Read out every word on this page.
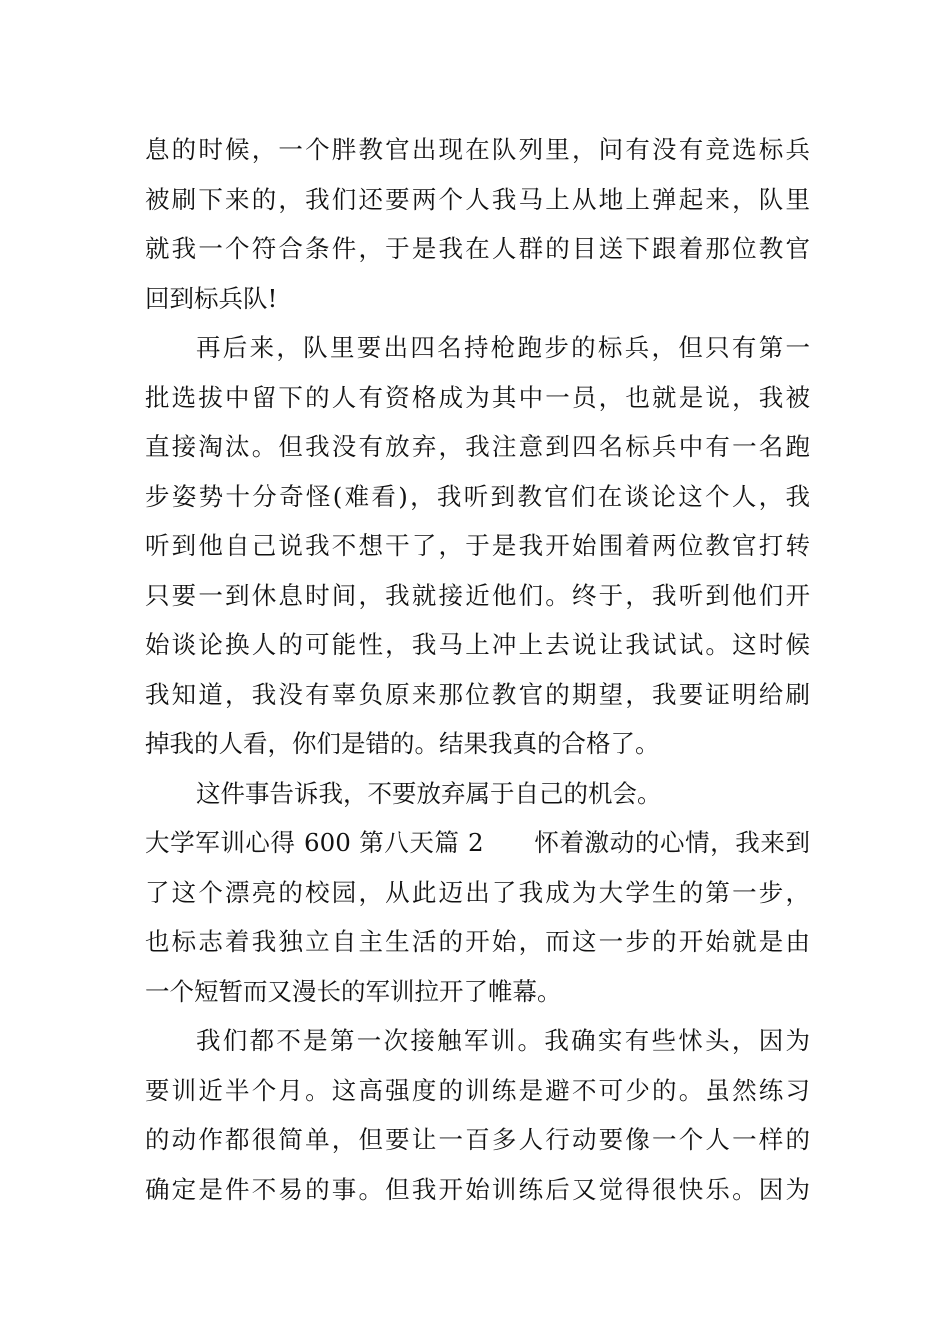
息的时候，一个胖教官出现在队列里，问有没有竞选标兵

被刷下来的，我们还要两个人我马上从地上弹起来，队里

就我一个符合条件，于是我在人群的目送下跟着那位教官

回到标兵队!

再后来，队里要出四名持枪跑步的标兵，但只有第一

批选拔中留下的人有资格成为其中一员，也就是说，我被

直接淘汰。但我没有放弃，我注意到四名标兵中有一名跑

步姿势十分奇怪(难看)，我听到教官们在谈论这个人，我

听到他自己说我不想干了，于是我开始围着两位教官打转

只要一到休息时间，我就接近他们。终于，我听到他们开

始谈论换人的可能性，我马上冲上去说让我试试。这时候

我知道，我没有辜负原来那位教官的期望，我要证明给刷

掉我的人看，你们是错的。结果我真的合格了。

这件事告诉我，不要放弃属于自己的机会。

大学军训心得 600 第八天篇 2　　怀着激动的心情，我来到

了这个漂亮的校园，从此迈出了我成为大学生的第一步，

也标志着我独立自主生活的开始，而这一步的开始就是由

一个短暂而又漫长的军训拉开了帷幕。

我们都不是第一次接触军训。我确实有些怵头，因为

要训近半个月。这高强度的训练是避不可少的。虽然练习

的动作都很简单，但要让一百多人行动要像一个人一样的

确定是件不易的事。但我开始训练后又觉得很快乐。因为
